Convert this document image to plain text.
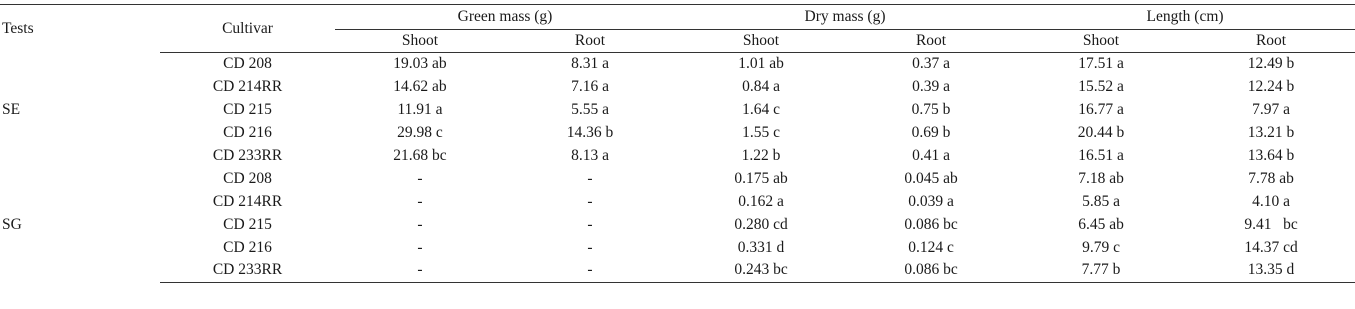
Tests	Cultivar	Green mass (g)		Dry mass (g)		Length (cm)	
		Shoot	Root	Shoot	Root	Shoot	Root
SE	CD 208	19.03 ab	8.31 a	1.01 ab	0.37 a	17.51 a	12.49 b
	CD 214RR	14.62 ab	7.16 a	0.84 a	0.39 a	15.52 a	12.24 b
	CD 215	11.91 a	5.55 a	1.64 c	0.75 b	16.77 a	7.97 a
	CD 216	29.98 c	14.36 b	1.55 c	0.69 b	20.44 b	13.21 b
	CD 233RR	21.68 bc	8.13 a	1.22 b	0.41 a	16.51 a	13.64 b
SG	CD 208	-	-	0.175 ab	0.045 ab	7.18 ab	7.78 ab
	CD 214RR	-	-	0.162 a	0.039 a	5.85 a	4.10 a
	CD 215	-	-	0.280 cd	0.086 bc	6.45 ab	9.41   bc
	CD 216	-	-	0.331 d	0.124 c	9.79 c	14.37 cd
	CD 233RR	-	-	0.243 bc	0.086 bc	7.77 b	13.35 d
